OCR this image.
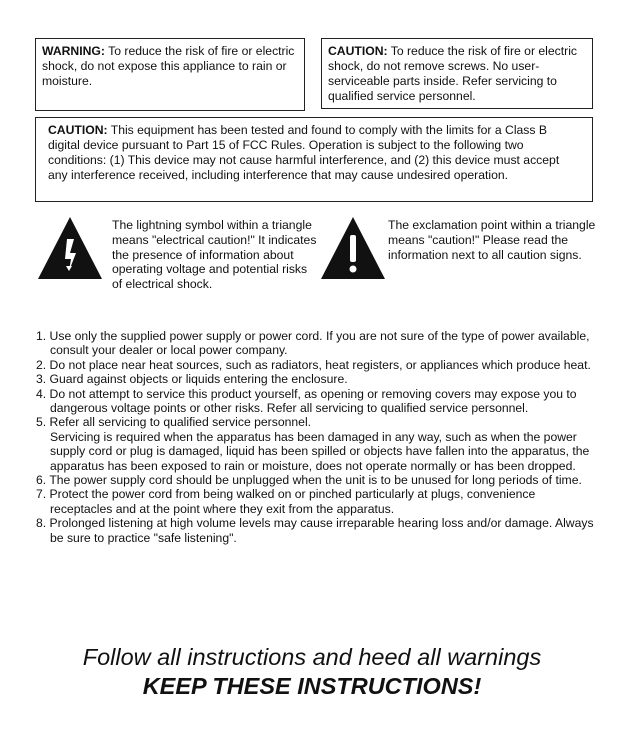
WARNING: To reduce the risk of fire or electric shock, do not expose this appliance to rain or moisture.
CAUTION: To reduce the risk of fire or electric shock, do not remove screws. No user-serviceable parts inside. Refer servicing to qualified service personnel.
CAUTION: This equipment has been tested and found to comply with the limits for a Class B digital device pursuant to Part 15 of FCC Rules. Operation is subject to the following two conditions: (1) This device may not cause harmful interference, and (2) this device must accept any interference received, including interference that may cause undesired operation.
The lightning symbol within a triangle means "electrical caution!" It indicates the presence of information about operating voltage and potential risks of electrical shock.
The exclamation point within a triangle means "caution!" Please read the information next to all caution signs.
1. Use only the supplied power supply or power cord. If you are not sure of the type of power available, consult your dealer or local power company.
2. Do not place near heat sources, such as radiators, heat registers, or appliances which produce heat.
3. Guard against objects or liquids entering the enclosure.
4. Do not attempt to service this product yourself, as opening or removing covers may expose you to dangerous voltage points or other risks. Refer all servicing to qualified service personnel.
5. Refer all servicing to qualified service personnel.
Servicing is required when the apparatus has been damaged in any way, such as when the power supply cord or plug is damaged, liquid has been spilled or objects have fallen into the apparatus, the apparatus has been exposed to rain or moisture, does not operate normally or has been dropped.
6. The power supply cord should be unplugged when the unit is to be unused for long periods of time.
7. Protect the power cord from being walked on or pinched particularly at plugs, convenience receptacles and at the point where they exit from the apparatus.
8. Prolonged listening at high volume levels may cause irreparable hearing loss and/or damage. Always be sure to practice "safe listening".
Follow all instructions and heed all warnings
KEEP THESE INSTRUCTIONS!
